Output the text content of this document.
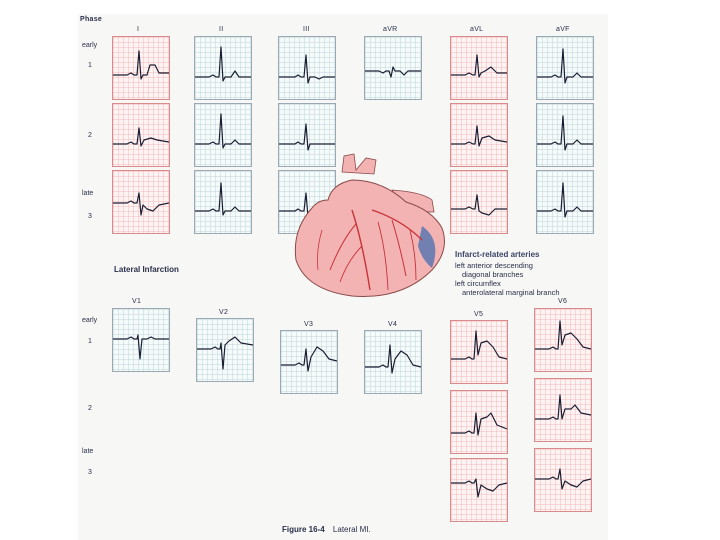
Phase
I	II	III	aVR	aVL	aVF
early
1
2
late
3
Lateral Infarction
Infarct-related arteries
left anterior descending
diagonal branches
left circumflex
anterolateral marginal branch
V1
V2
V3	V4
V5
V6
early
1
2
late
3
Figure 16-4 Lateral MI.
